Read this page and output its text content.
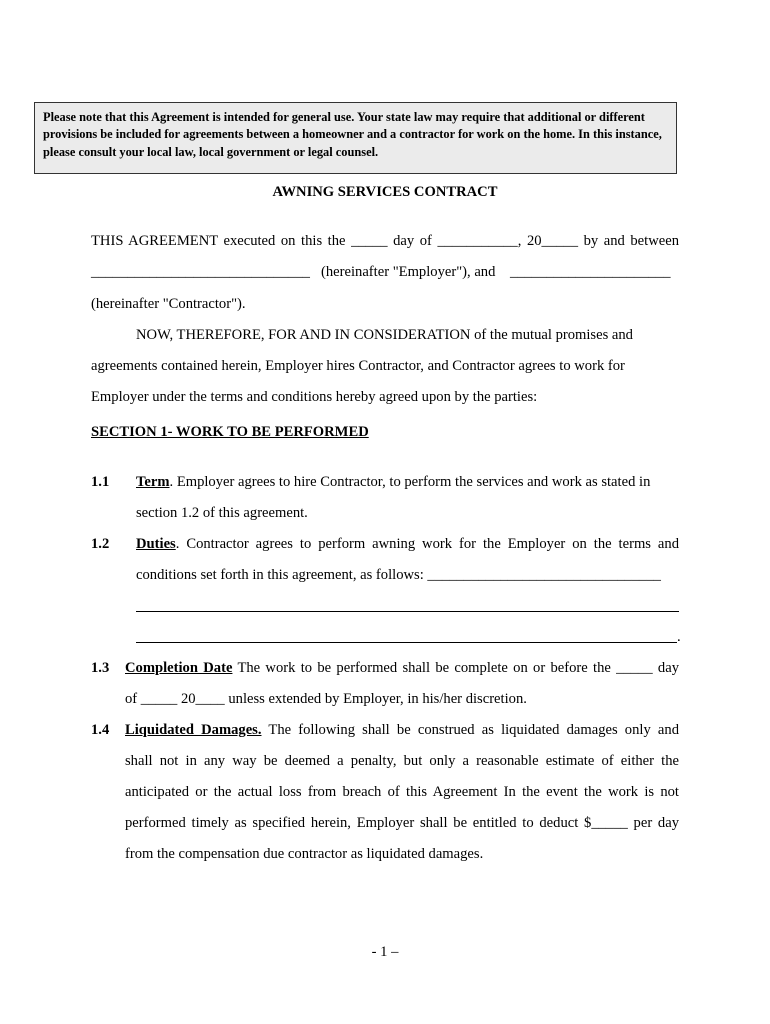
Please note that this Agreement is intended for general use. Your state law may require that additional or different provisions be included for agreements between a homeowner and a contractor for work on the home. In this instance, please consult your local law, local government or legal counsel.
AWNING SERVICES CONTRACT
THIS AGREEMENT executed on this the _____ day of ___________, 20_____ by and between
______________________________ (hereinafter "Employer"), and ______________________
(hereinafter "Contractor").
NOW, THEREFORE, FOR AND IN CONSIDERATION of the mutual promises and
agreements contained herein, Employer hires Contractor, and Contractor agrees to work for
Employer under the terms and conditions hereby agreed upon by the parties:
SECTION 1- WORK TO BE PERFORMED
1.1 Term. Employer agrees to hire Contractor, to perform the services and work as stated in
section 1.2 of this agreement.
1.2 Duties. Contractor agrees to perform awning work for the Employer on the terms and
conditions set forth in this agreement, as follows: ________________________________
.
1.3 Completion Date The work to be performed shall be complete on or before the _____ day
of _____ 20____ unless extended by Employer, in his/her discretion.
1.4 Liquidated Damages. The following shall be construed as liquidated damages only and
shall not in any way be deemed a penalty, but only a reasonable estimate of either the
anticipated or the actual loss from breach of this Agreement In the event the work is not
performed timely as specified herein, Employer shall be entitled to deduct $_____ per day
from the compensation due contractor as liquidated damages.
- 1 –
